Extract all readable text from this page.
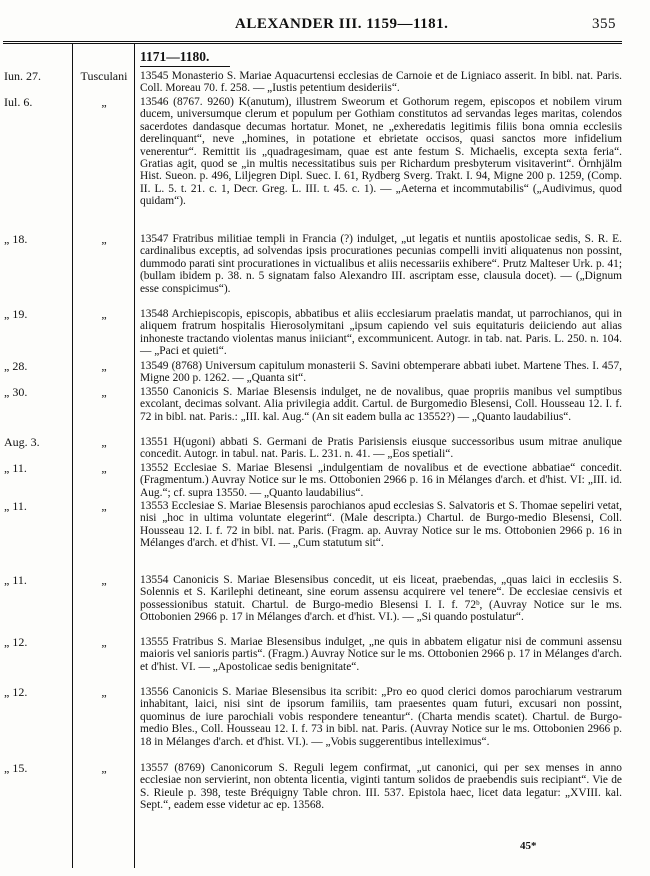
ALEXANDER III. 1159—1181.	355
1171—1180.
Iun. 27.	Tusculani	13545 Monasterio S. Mariae Aquacurtensi ecclesias de Carnoie et de Ligniaco asserit. In bibl. nat. Paris. Coll. Moreau 70. f. 258. — „Iustis petentium desideriis“.
Iul. 6.	„	13546 (8767. 9260) K(anutum), illustrem Sweorum et Gothorum regem, episcopos et nobilem virum ducem, universumque clerum et populum per Gothiam constitutos ad servandas leges maritas, colendos sacerdotes dandasque decumas hortatur. Monet, ne „exheredatis legitimis filiis bona omnia ecclesiis derelinquant“, neve „homines, in potatione et ebrietate occisos, quasi sanctos more infidelium venerentur“. Remittit iis „quadragesimam, quae est ante festum S. Michaelis, excepta sexta feria“. Gratias agit, quod se „in multis necessitatibus suis per Richardum presbyterum visitaverint“. Örnhjälm Hist. Sueon. p. 496, Liljegren Dipl. Suec. I. 61, Rydberg Sverg. Trakt. I. 94, Migne 200 p. 1259, (Comp. II. L. 5. t. 21. c. 1, Decr. Greg. L. III. t. 45. c. 1). — „Aeterna et incommutabilis“ („Audivimus, quod quidam“).
„ 18.	„	13547 Fratribus militiae templi in Francia (?) indulget, „ut legatis et nuntiis apostolicae sedis, S. R. E. cardinalibus exceptis, ad solvendas ipsis procurationes pecunias compelli inviti aliquatenus non possint, dummodo parati sint procurationes in victualibus et aliis necessariis exhibere“. Prutz Malteser Urk. p. 41; (bullam ibidem p. 38. n. 5 signatam falso Alexandro III. ascriptam esse, clausula docet). — („Dignum esse conspicimus“).
„ 19.	„	13548 Archiepiscopis, episcopis, abbatibus et aliis ecclesiarum praelatis mandat, ut parrochianos, qui in aliquem fratrum hospitalis Hierosolymitani „ipsum capiendo vel suis equitaturis deiiciendo aut alias inhoneste tractando violentas manus iniiciant“, excommunicent. Autogr. in tab. nat. Paris. L. 250. n. 104. — „Paci et quieti“.
„ 28.	„	13549 (8768) Universum capitulum monasterii S. Savini obtemperare abbati iubet. Martene Thes. I. 457, Migne 200 p. 1262. — „Quanta sit“.
„ 30.	„	13550 Canonicis S. Mariae Blesensis indulget, ne de novalibus, quae propriis manibus vel sumptibus excolant, decimas solvant. Alia privilegia addit. Cartul. de Burgomedio Blesensi, Coll. Housseau 12. I. f. 72 in bibl. nat. Paris.: „III. kal. Aug.“ (An sit eadem bulla ac 13552?) — „Quanto laudabilius“.
Aug. 3.	„	13551 H(ugoni) abbati S. Germani de Pratis Parisiensis eiusque successoribus usum mitrae anulique concedit. Autogr. in tabul. nat. Paris. L. 231. n. 41. — „Eos spetiali“.
„ 11.	„	13552 Ecclesiae S. Mariae Blesensi „indulgentiam de novalibus et de evectione abbatiae“ concedit. (Fragmentum.) Auvray Notice sur le ms. Ottobonien 2966 p. 16 in Mélanges d'arch. et d'hist. VI: „III. id. Aug.“; cf. supra 13550. — „Quanto laudabilius“.
„ 11.	„	13553 Ecclesiae S. Mariae Blesensis parochianos apud ecclesias S. Salvatoris et S. Thomae sepeliri vetat, nisi „hoc in ultima voluntate elegerint“. (Male descripta.) Chartul. de Burgo-medio Blesensi, Coll. Housseau 12. I. f. 72 in bibl. nat. Paris. (Fragm. ap. Auvray Notice sur le ms. Ottobonien 2966 p. 16 in Mélanges d'arch. et d'hist. VI. — „Cum statutum sit“.
„ 11.	„	13554 Canonicis S. Mariae Blesensibus concedit, ut eis liceat, praebendas, „quas laici in ecclesiis S. Solennis et S. Karilephi detineant, sine eorum assensu acquirere vel tenere“. De ecclesiae censivis et possessionibus statuit. Chartul. de Burgo-medio Blesensi I. I. f. 72ᵇ, (Auvray Notice sur le ms. Ottobonien 2966 p. 17 in Mélanges d'arch. et d'hist. VI.). — „Si quando postulatur“.
„ 12.	„	13555 Fratribus S. Mariae Blesensibus indulget, „ne quis in abbatem eligatur nisi de communi assensu maioris vel sanioris partis“. (Fragm.) Auvray Notice sur le ms. Ottobonien 2966 p. 17 in Mélanges d'arch. et d'hist. VI. — „Apostolicae sedis benignitate“.
„ 12.	„	13556 Canonicis S. Mariae Blesensibus ita scribit: „Pro eo quod clerici domos parochiarum vestrarum inhabitant, laici, nisi sint de ipsorum familiis, tam praesentes quam futuri, excusari non possint, quominus de iure parochiali vobis respondere teneantur“. (Charta mendis scatet). Chartul. de Burgo-medio Bles., Coll. Housseau 12. I. f. 73 in bibl. nat. Paris. (Auvray Notice sur le ms. Ottobonien 2966 p. 18 in Mélanges d'arch. et d'hist. VI.). — „Vobis suggerentibus intelleximus“.
„ 15.	„	13557 (8769) Canonicorum S. Reguli legem confirmat, „ut canonici, qui per sex menses in anno ecclesiae non servierint, non obtenta licentia, viginti tantum solidos de praebendis suis recipiant“. Vie de S. Rieule p. 398, teste Bréquigny Table chron. III. 537. Epistola haec, licet data legatur: „XVIII. kal. Sept.“, eadem esse videtur ac ep. 13568.
45*
